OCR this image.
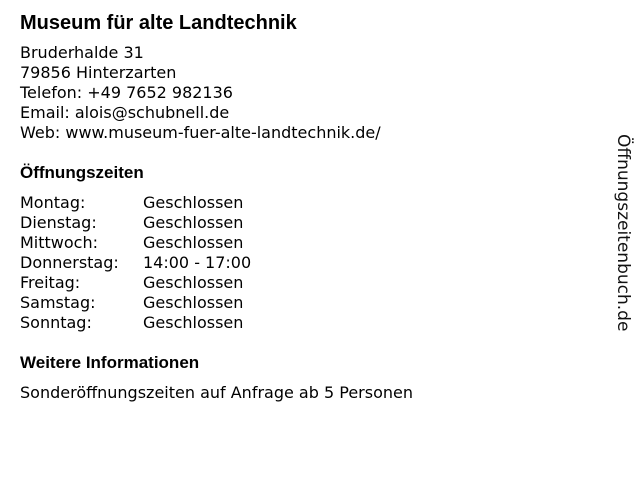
Museum für alte Landtechnik
Bruderhalde 31
79856 Hinterzarten
Telefon: +49 7652 982136
Email: alois@schubnell.de
Web: www.museum-fuer-alte-landtechnik.de/
Öffnungszeiten
Montag:	Geschlossen
Dienstag:	Geschlossen
Mittwoch:	Geschlossen
Donnerstag:	14:00 - 17:00
Freitag:	Geschlossen
Samstag:	Geschlossen
Sonntag:	Geschlossen
Weitere Informationen
Sonderöffnungszeiten auf Anfrage ab 5 Personen
Öffnungszeitenbuch.de
